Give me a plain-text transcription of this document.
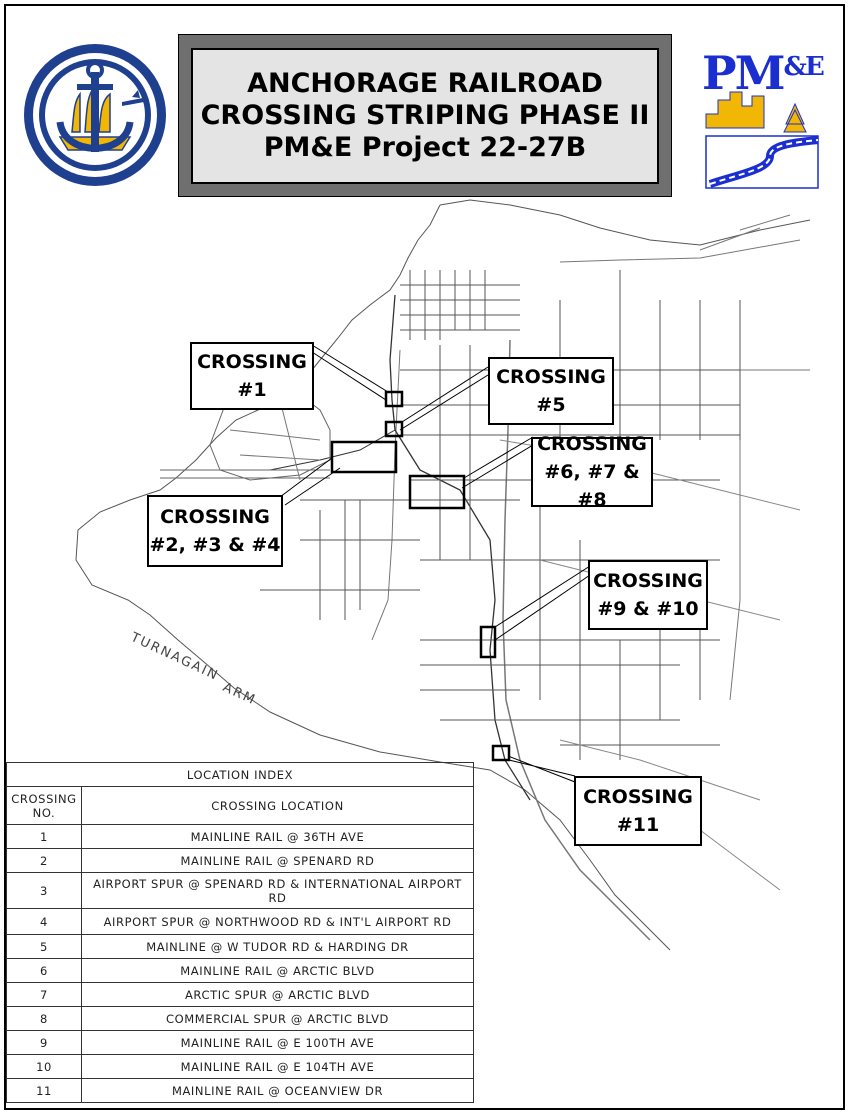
TURNAGAIN
ARM
ANCHORAGE RAILROAD
CROSSING STRIPING PHASE II
PM&E Project 22-27B
$PM^{\&E}$
CROSSING
#1
CROSSING
#5
CROSSING
#2, #3 & #4
CROSSING
#6, #7 & #8
CROSSING
#9 & #10
CROSSING
#11
LOCATION INDEX	
CROSSING NO.	CROSSING LOCATION
1	MAINLINE RAIL @ 36TH AVE
2	MAINLINE RAIL @ SPENARD RD
3	AIRPORT SPUR @ SPENARD RD & INTERNATIONAL AIRPORT RD
4	AIRPORT SPUR @ NORTHWOOD RD & INT'L AIRPORT RD
5	MAINLINE @ W TUDOR RD & HARDING DR
6	MAINLINE RAIL @ ARCTIC BLVD
7	ARCTIC SPUR @ ARCTIC BLVD
8	COMMERCIAL SPUR @ ARCTIC BLVD
9	MAINLINE RAIL @ E 100TH AVE
10	MAINLINE RAIL @ E 104TH AVE
11	MAINLINE RAIL @ OCEANVIEW DR
